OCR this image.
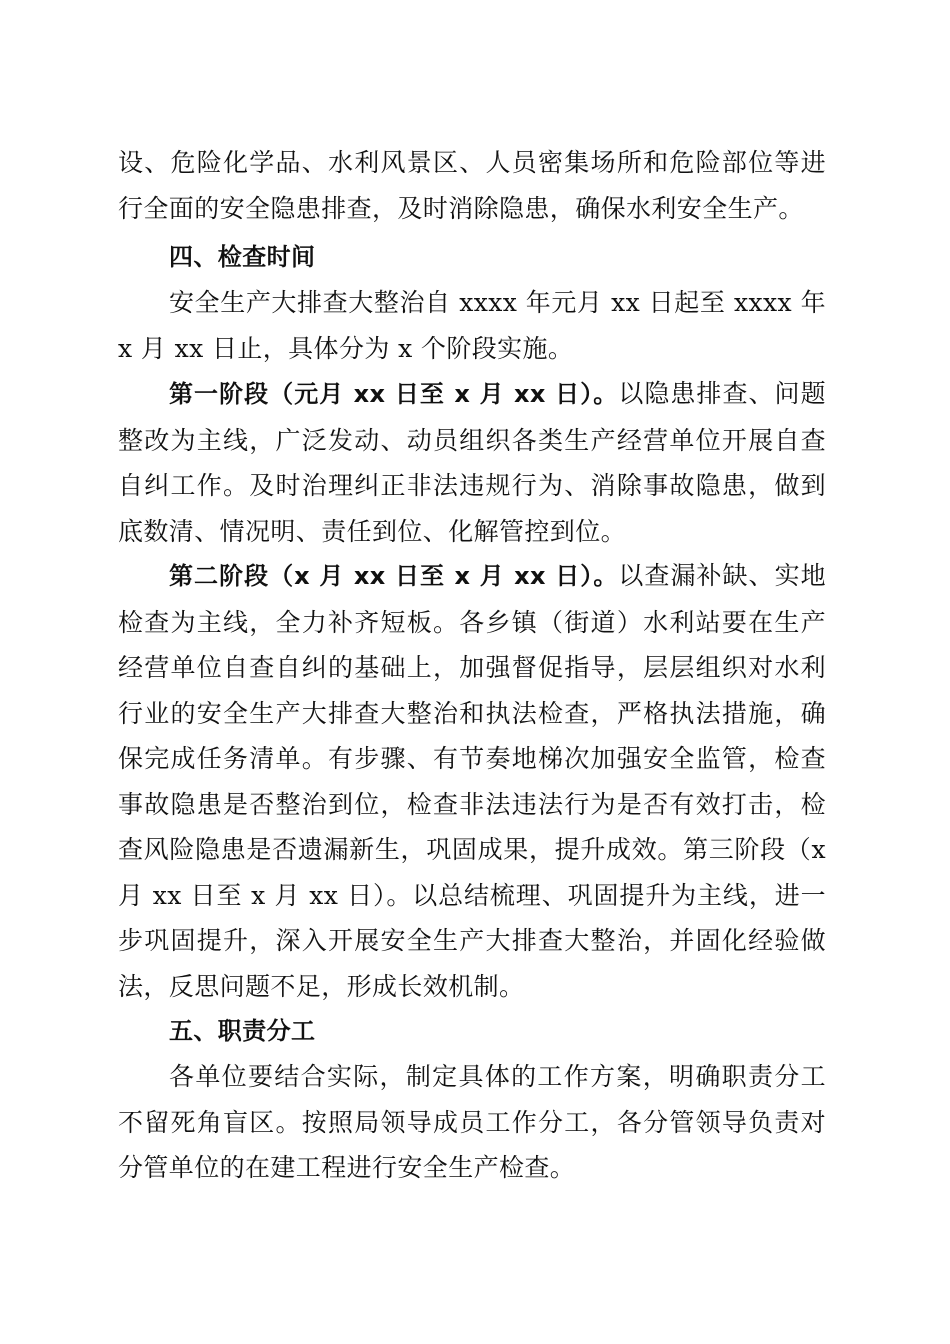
设、危险化学品、水利风景区、人员密集场所和危险部位等进行全面的安全隐患排查，及时消除隐患，确保水利安全生产。

四、检查时间

安全生产大排查大整治自 xxxx 年元月 xx 日起至 xxxx 年 x 月 xx 日止，具体分为 x 个阶段实施。

第一阶段（元月 xx 日至 x 月 xx 日）。以隐患排查、问题整改为主线，广泛发动、动员组织各类生产经营单位开展自查自纠工作。及时治理纠正非法违规行为、消除事故隐患，做到底数清、情况明、责任到位、化解管控到位。

第二阶段（x 月 xx 日至 x 月 xx 日）。以查漏补缺、实地检查为主线，全力补齐短板。各乡镇（街道）水利站要在生产经营单位自查自纠的基础上，加强督促指导，层层组织对水利行业的安全生产大排查大整治和执法检查，严格执法措施，确保完成任务清单。有步骤、有节奏地梯次加强安全监管，检查事故隐患是否整治到位，检查非法违法行为是否有效打击，检查风险隐患是否遗漏新生，巩固成果，提升成效。第三阶段（x 月 xx 日至 x 月 xx 日）。以总结梳理、巩固提升为主线，进一步巩固提升，深入开展安全生产大排查大整治，并固化经验做法，反思问题不足，形成长效机制。

五、职责分工

各单位要结合实际，制定具体的工作方案，明确职责分工不留死角盲区。按照局领导成员工作分工，各分管领导负责对分管单位的在建工程进行安全生产检查。
